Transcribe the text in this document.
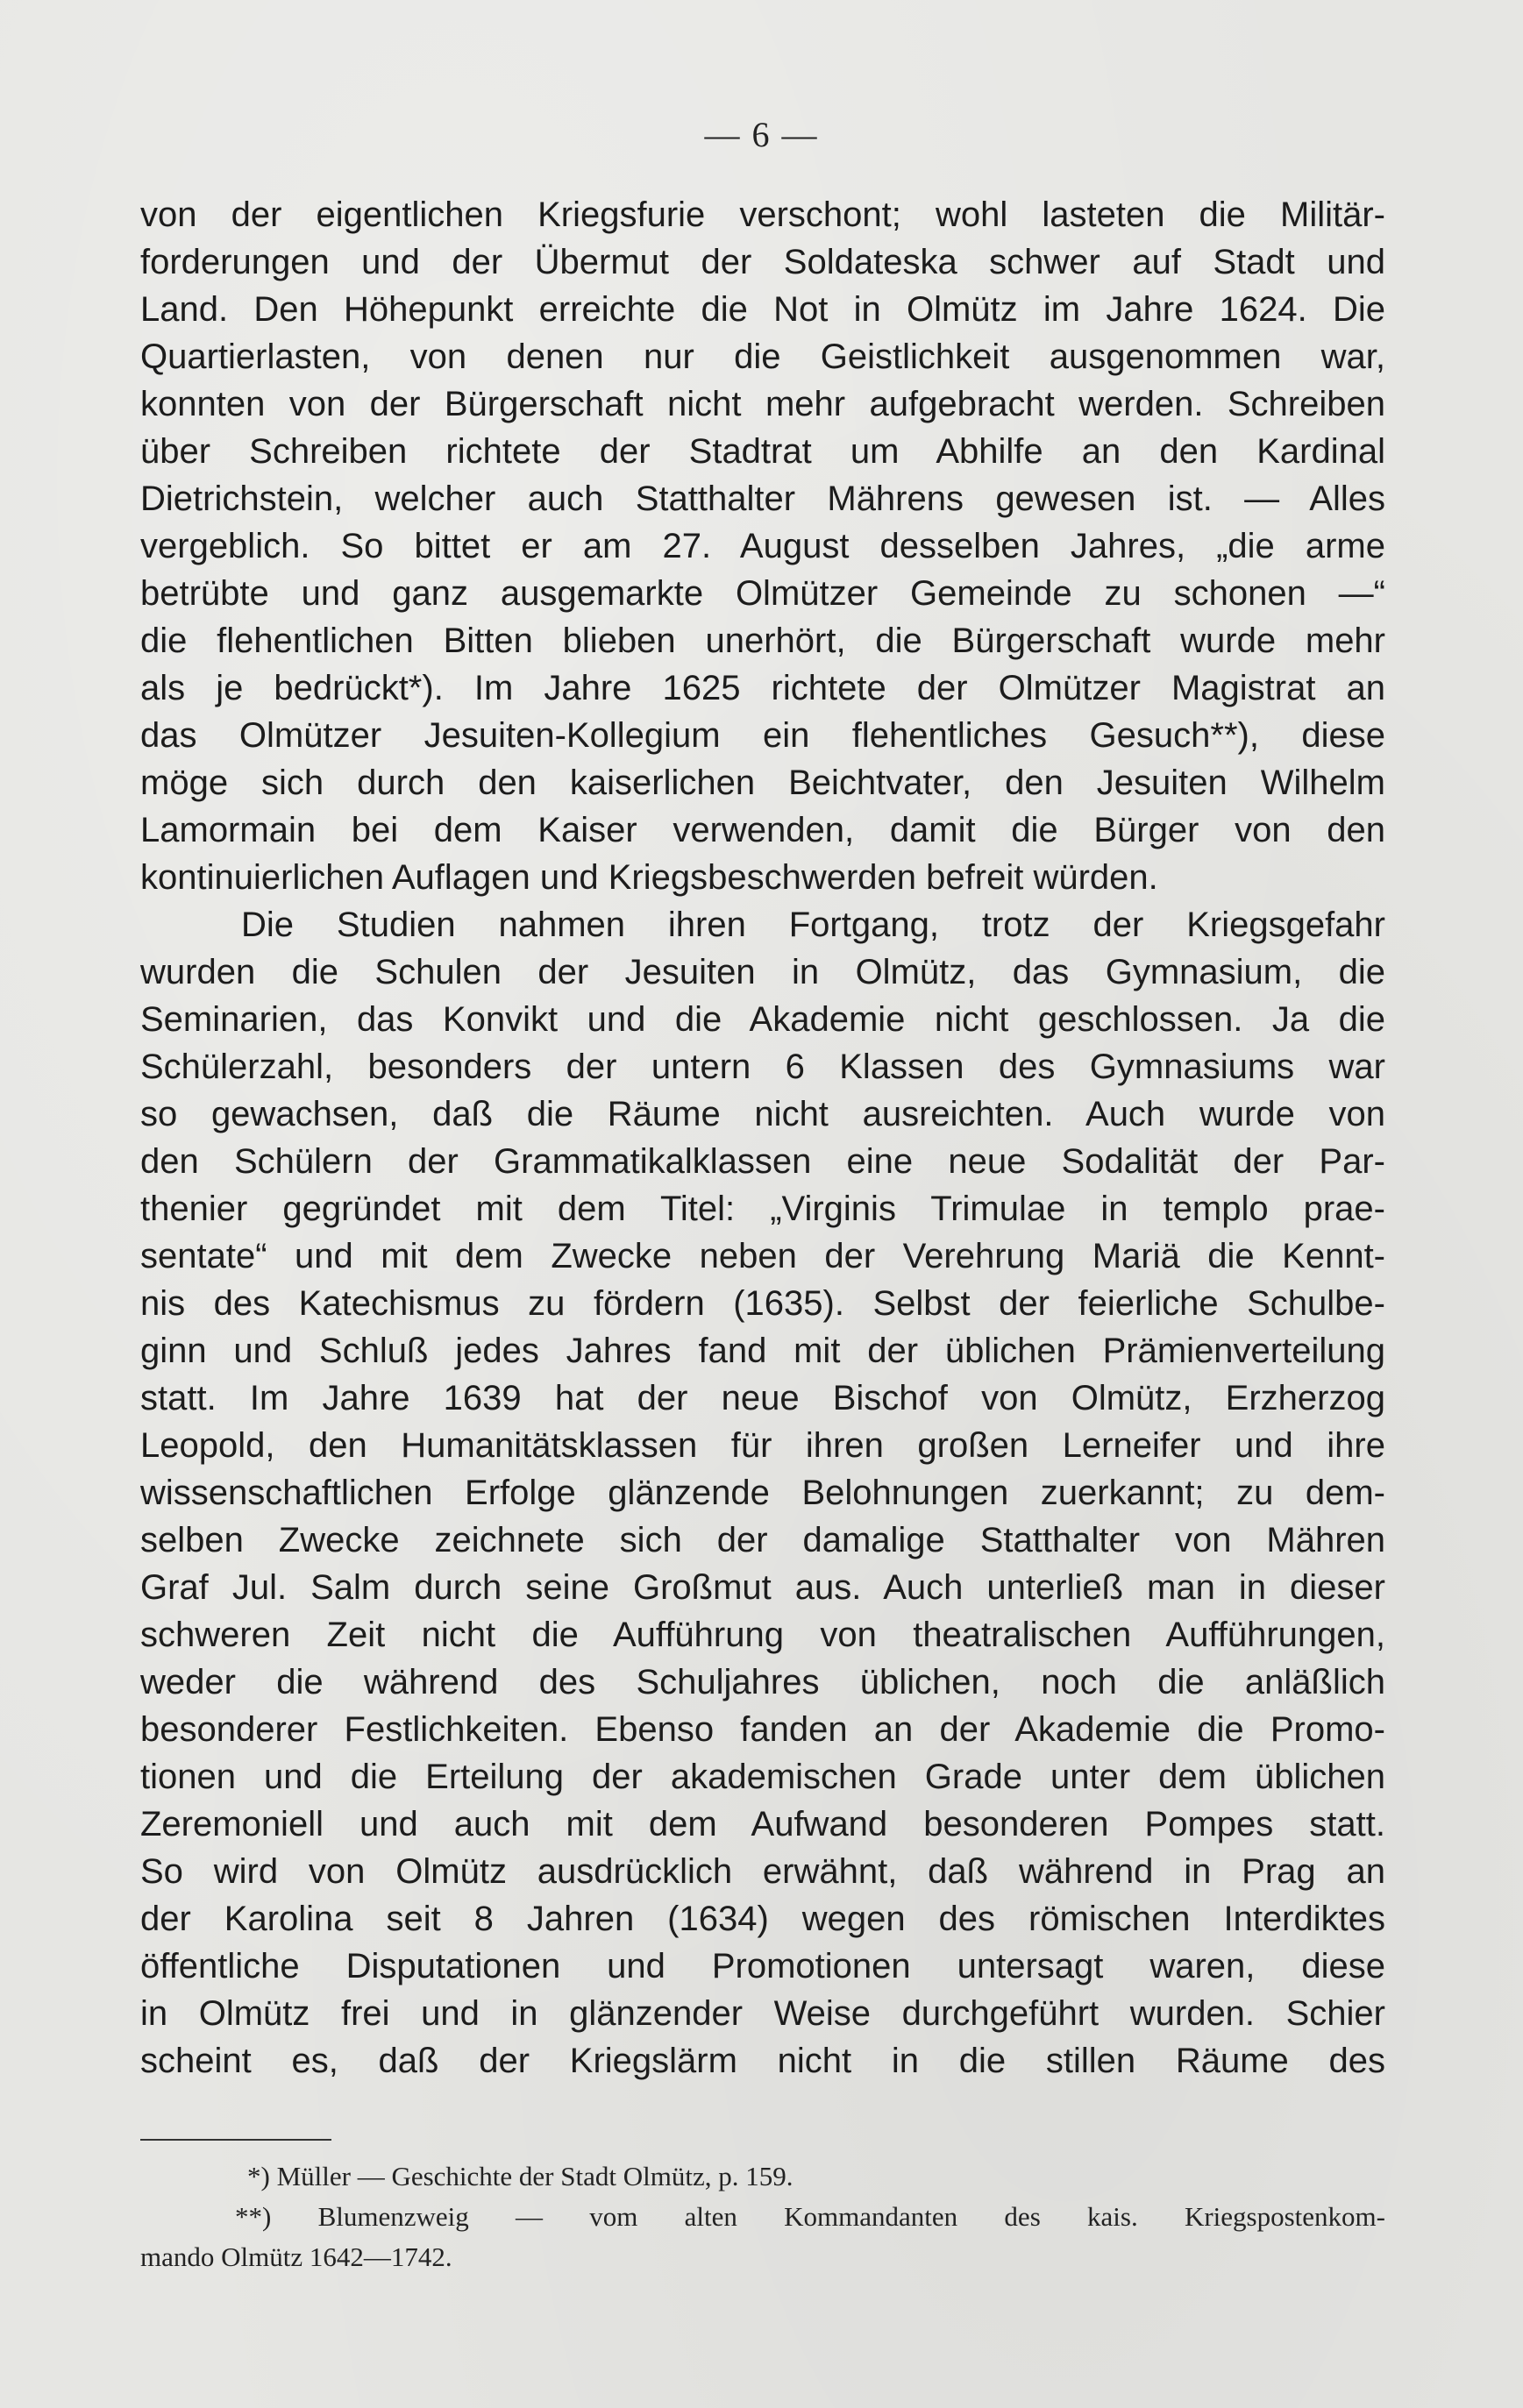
— 6 —
von der eigentlichen Kriegsfurie verschont; wohl lasteten die Militär-
forderungen und der Übermut der Soldateska schwer auf Stadt und
Land. Den Höhepunkt erreichte die Not in Olmütz im Jahre 1624. Die
Quartierlasten, von denen nur die Geistlichkeit ausgenommen war,
konnten von der Bürgerschaft nicht mehr aufgebracht werden. Schreiben
über Schreiben richtete der Stadtrat um Abhilfe an den Kardinal
Dietrichstein, welcher auch Statthalter Mährens gewesen ist. — Alles
vergeblich. So bittet er am 27. August desselben Jahres, „die arme
betrübte und ganz ausgemarkte Olmützer Gemeinde zu schonen —“
die flehentlichen Bitten blieben unerhört, die Bürgerschaft wurde mehr
als je bedrückt*). Im Jahre 1625 richtete der Olmützer Magistrat an
das Olmützer Jesuiten-Kollegium ein flehentliches Gesuch**), diese
möge sich durch den kaiserlichen Beichtvater, den Jesuiten Wilhelm
Lamormain bei dem Kaiser verwenden, damit die Bürger von den
kontinuierlichen Auflagen und Kriegsbeschwerden befreit würden.
Die Studien nahmen ihren Fortgang, trotz der Kriegsgefahr
wurden die Schulen der Jesuiten in Olmütz, das Gymnasium, die
Seminarien, das Konvikt und die Akademie nicht geschlossen. Ja die
Schülerzahl, besonders der untern 6 Klassen des Gymnasiums war
so gewachsen, daß die Räume nicht ausreichten. Auch wurde von
den Schülern der Grammatikalklassen eine neue Sodalität der Par-
thenier gegründet mit dem Titel: „Virginis Trimulae in templo prae-
sentate“ und mit dem Zwecke neben der Verehrung Mariä die Kennt-
nis des Katechismus zu fördern (1635). Selbst der feierliche Schulbe-
ginn und Schluß jedes Jahres fand mit der üblichen Prämienverteilung
statt. Im Jahre 1639 hat der neue Bischof von Olmütz, Erzherzog
Leopold, den Humanitätsklassen für ihren großen Lerneifer und ihre
wissenschaftlichen Erfolge glänzende Belohnungen zuerkannt; zu dem-
selben Zwecke zeichnete sich der damalige Statthalter von Mähren
Graf Jul. Salm durch seine Großmut aus. Auch unterließ man in dieser
schweren Zeit nicht die Aufführung von theatralischen Aufführungen,
weder die während des Schuljahres üblichen, noch die anläßlich
besonderer Festlichkeiten. Ebenso fanden an der Akademie die Promo-
tionen und die Erteilung der akademischen Grade unter dem üblichen
Zeremoniell und auch mit dem Aufwand besonderen Pompes statt.
So wird von Olmütz ausdrücklich erwähnt, daß während in Prag an
der Karolina seit 8 Jahren (1634) wegen des römischen Interdiktes
öffentliche Disputationen und Promotionen untersagt waren, diese
in Olmütz frei und in glänzender Weise durchgeführt wurden. Schier
scheint es, daß der Kriegslärm nicht in die stillen Räume des
*) Müller — Geschichte der Stadt Olmütz, p. 159.
**) Blumenzweig — vom alten Kommandanten des kais. Kriegspostenkom-
mando Olmütz 1642—1742.
